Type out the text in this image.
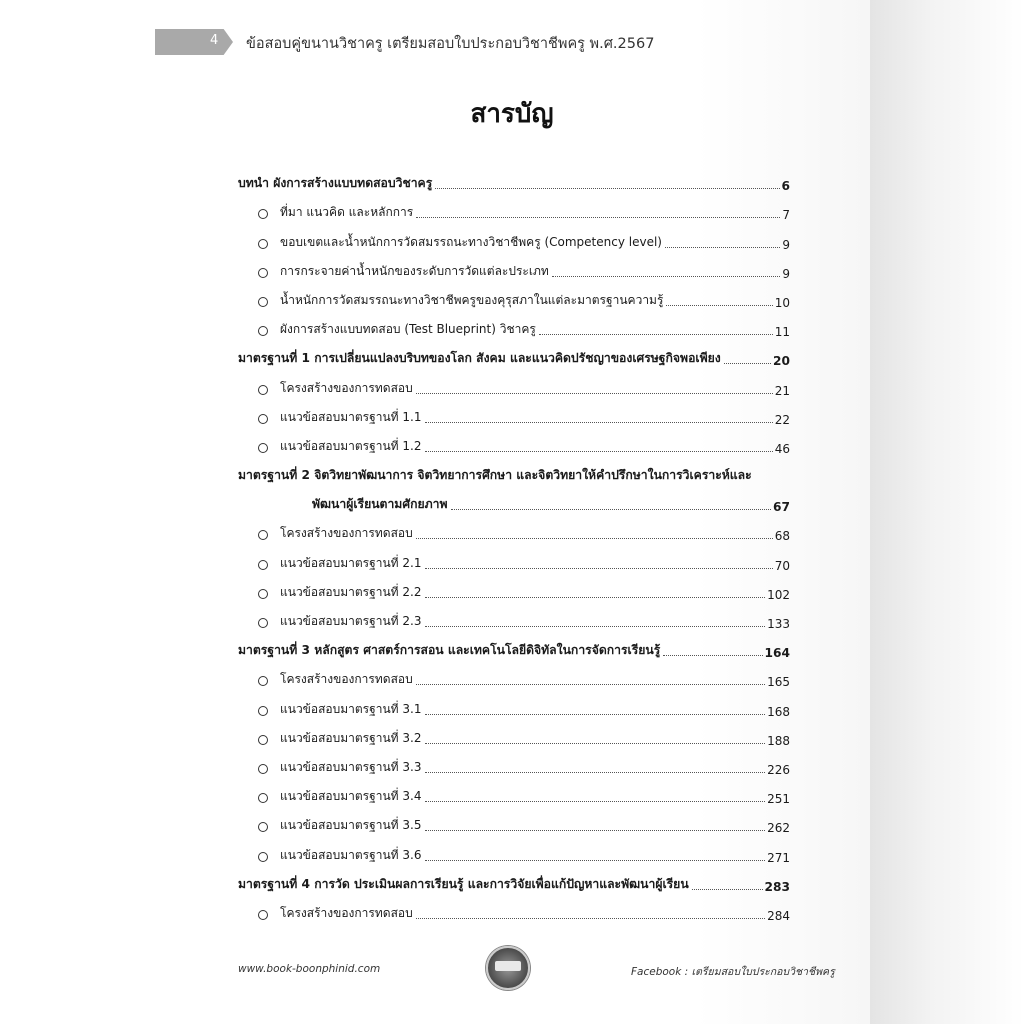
4 ข้อสอบคู่ขนานวิชาครู เตรียมสอบใบประกอบวิชาชีพครู พ.ศ.2567
สารบัญ
บทนำ ผังการสร้างแบบทดสอบวิชาครู	6
ที่มา แนวคิด และหลักการ	7
ขอบเขตและน้ำหนักการวัดสมรรถนะทางวิชาชีพครู (Competency level)	9
การกระจายค่าน้ำหนักของระดับการวัดแต่ละประเภท	9
น้ำหนักการวัดสมรรถนะทางวิชาชีพครูของคุรุสภาในแต่ละมาตรฐานความรู้	10
ผังการสร้างแบบทดสอบ (Test Blueprint) วิชาครู	11
มาตรฐานที่ 1 การเปลี่ยนแปลงบริบทของโลก สังคม และแนวคิดปรัชญาของเศรษฐกิจพอเพียง	20
โครงสร้างของการทดสอบ	21
แนวข้อสอบมาตรฐานที่ 1.1	22
แนวข้อสอบมาตรฐานที่ 1.2	46
มาตรฐานที่ 2 จิตวิทยาพัฒนาการ จิตวิทยาการศึกษา และจิตวิทยาให้คำปรึกษาในการวิเคราะห์และ
พัฒนาผู้เรียนตามศักยภาพ	67
โครงสร้างของการทดสอบ	68
แนวข้อสอบมาตรฐานที่ 2.1	70
แนวข้อสอบมาตรฐานที่ 2.2	102
แนวข้อสอบมาตรฐานที่ 2.3	133
มาตรฐานที่ 3 หลักสูตร ศาสตร์การสอน และเทคโนโลยีดิจิทัลในการจัดการเรียนรู้	164
โครงสร้างของการทดสอบ	165
แนวข้อสอบมาตรฐานที่ 3.1	168
แนวข้อสอบมาตรฐานที่ 3.2	188
แนวข้อสอบมาตรฐานที่ 3.3	226
แนวข้อสอบมาตรฐานที่ 3.4	251
แนวข้อสอบมาตรฐานที่ 3.5	262
แนวข้อสอบมาตรฐานที่ 3.6	271
มาตรฐานที่ 4 การวัด ประเมินผลการเรียนรู้ และการวิจัยเพื่อแก้ปัญหาและพัฒนาผู้เรียน	283
โครงสร้างของการทดสอบ	284
www.book-boonphinid.com	Facebook : เตรียมสอบใบประกอบวิชาชีพครู
